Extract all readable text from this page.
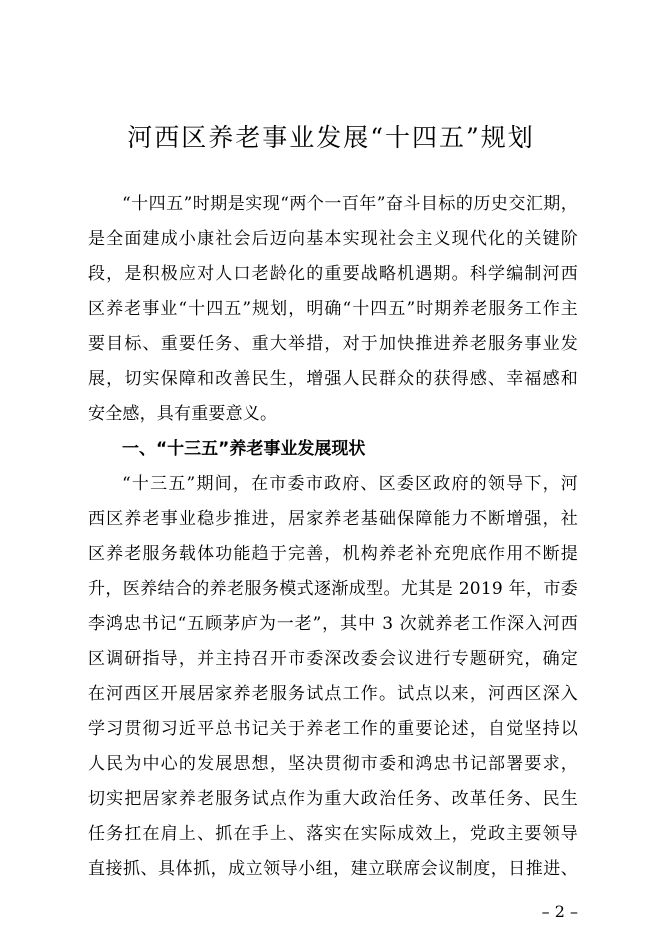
河西区养老事业发展“十四五”规划
“十四五”时期是实现“两个一百年”奋斗目标的历史交汇期，
是全面建成小康社会后迈向基本实现社会主义现代化的关键阶
段，是积极应对人口老龄化的重要战略机遇期。科学编制河西
区养老事业“十四五”规划，明确“十四五”时期养老服务工作主
要目标、重要任务、重大举措，对于加快推进养老服务事业发
展，切实保障和改善民生，增强人民群众的获得感、幸福感和
安全感，具有重要意义。
一、“十三五”养老事业发展现状
“十三五”期间，在市委市政府、区委区政府的领导下，河
西区养老事业稳步推进，居家养老基础保障能力不断增强，社
区养老服务载体功能趋于完善，机构养老补充兜底作用不断提
升，医养结合的养老服务模式逐渐成型。尤其是 2019 年，市委
李鸿忠书记“五顾茅庐为一老”，其中 3 次就养老工作深入河西
区调研指导，并主持召开市委深改委会议进行专题研究，确定
在河西区开展居家养老服务试点工作。试点以来，河西区深入
学习贯彻习近平总书记关于养老工作的重要论述，自觉坚持以
人民为中心的发展思想，坚决贯彻市委和鸿忠书记部署要求，
切实把居家养老服务试点作为重大政治任务、改革任务、民生
任务扛在肩上、抓在手上、落实在实际成效上，党政主要领导
直接抓、具体抓，成立领导小组，建立联席会议制度，日推进、
– 2 –
